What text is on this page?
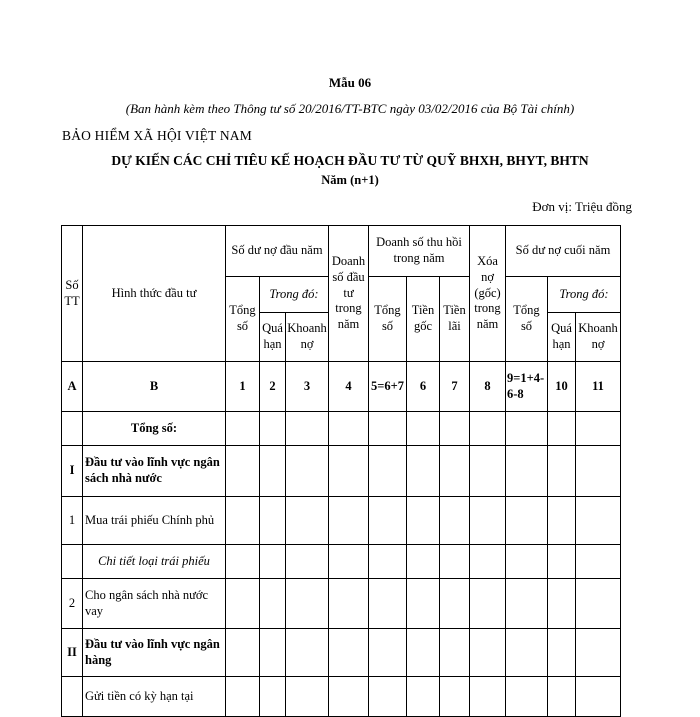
Mẫu 06
(Ban hành kèm theo Thông tư số 20/2016/TT-BTC ngày 03/02/2016 của Bộ Tài chính)
BẢO HIỂM XÃ HỘI VIỆT NAM
DỰ KIẾN CÁC CHỈ TIÊU KẾ HOẠCH ĐẦU TƯ TỪ QUỸ BHXH, BHYT, BHTN
Năm (n+1)
Đơn vị: Triệu đồng
Số TT	Hình thức đầu tư	Số dư nợ đầu năm			Doanh số đầu tư trong năm	Doanh số thu hồi trong năm			Xóa nợ (gốc) trong năm	Số dư nợ cuối năm		
		Tổng số	Trong đó:			Tổng số	Tiền gốc	Tiền lãi		Tổng số	Trong đó:	
			Quá hạn	Khoanh nợ							Quá hạn	Khoanh nợ
A	B	1	2	3	4	5=6+7	6	7	8	9=1+4-6-8	10	11
	Tổng số:											
I	Đầu tư vào lĩnh vực ngân sách nhà nước											
1	Mua trái phiếu Chính phủ											
	Chi tiết loại trái phiếu											
2	Cho ngân sách nhà nước vay											
II	Đầu tư vào lĩnh vực ngân hàng											
	Gửi tiền có kỳ hạn tại											
